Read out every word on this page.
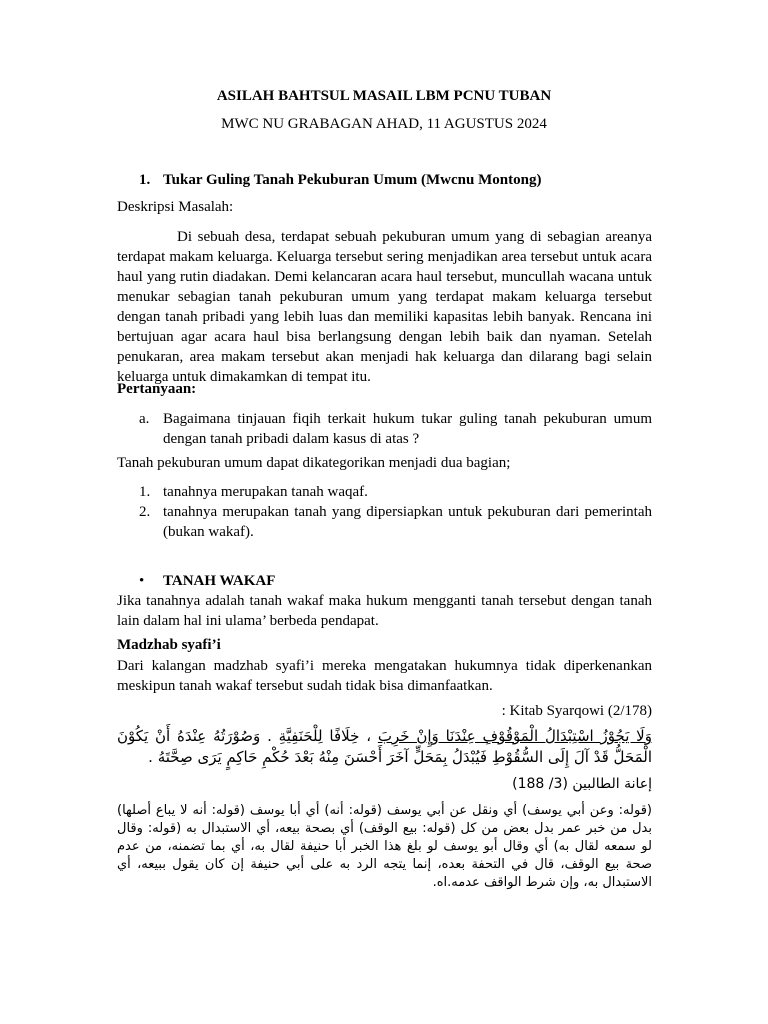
ASILAH BAHTSUL MASAIL LBM PCNU TUBAN
MWC NU GRABAGAN AHAD, 11 AGUSTUS 2024
1. Tukar Guling Tanah Pekuburan Umum (Mwcnu Montong)
Deskripsi Masalah:
Di sebuah desa, terdapat sebuah pekuburan umum yang di sebagian areanya terdapat makam keluarga. Keluarga tersebut sering menjadikan area tersebut untuk acara haul yang rutin diadakan. Demi kelancaran acara haul tersebut, muncullah wacana untuk menukar sebagian tanah pekuburan umum yang terdapat makam keluarga tersebut dengan tanah pribadi yang lebih luas dan memiliki kapasitas lebih banyak. Rencana ini bertujuan agar acara haul bisa berlangsung dengan lebih baik dan nyaman. Setelah penukaran, area makam tersebut akan menjadi hak keluarga dan dilarang bagi selain keluarga untuk dimakamkan di tempat itu.
Pertanyaan:
a. Bagaimana tinjauan fiqih terkait hukum tukar guling tanah pekuburan umum dengan tanah pribadi dalam kasus di atas ?
Tanah pekuburan umum dapat dikategorikan menjadi dua bagian;
1. tanahnya merupakan tanah waqaf.
2. tanahnya merupakan tanah yang dipersiapkan untuk pekuburan dari pemerintah (bukan wakaf).
• TANAH WAKAF
Jika tanahnya adalah tanah wakaf maka hukum mengganti tanah tersebut dengan tanah lain dalam hal ini ulama’ berbeda pendapat.
Madzhab syafi’i
Dari kalangan madzhab syafi’i mereka mengatakan hukumnya tidak diperkenankan meskipun tanah wakaf tersebut sudah tidak bisa dimanfaatkan.
: Kitab Syarqowi (2/178)
وَلَا يَجُوْزُ اسْتِبْدَالُ الْمَوْقُوْفِ عِنْدَنَا وَإِنْ خَرِبَ ، خِلَافًا لِلْحَنَفِيَّةِ . وَصُوْرَتُهُ عِنْدَهُ أَنْ يَكُوْنَ الْمَحَلُّ قَدْ آلَ إِلَى السُّقُوْطِ فَيُبْدَلُ بِمَحَلٍّ آخَرَ أَحْسَنَ مِنْهُ بَعْدَ حُكْمِ حَاكِمٍ يَرَى صِحَّتَهُ .
إعانة الطالبين (3/ 188)
(قوله: وعن أبي يوسف) أي ونقل عن أبي يوسف (قوله: أنه) أي أبا يوسف (قوله: أنه لا يباع أصلها) بدل من خبر عمر بدل بعض من كل (قوله: بيع الوقف) أي بصحة بيعه، أي الاستبدال به (قوله: وقال لو سمعه لقال به) أي وقال أبو يوسف لو بلغ هذا الخبر أبا حنيفة لقال به، أي بما تضمنه، من عدم صحة بيع الوقف، قال في التحفة بعده، إنما يتجه الرد به على أبي حنيفة إن كان يقول ببيعه، أي الاستبدال به، وإن شرط الواقف عدمه.اه.
